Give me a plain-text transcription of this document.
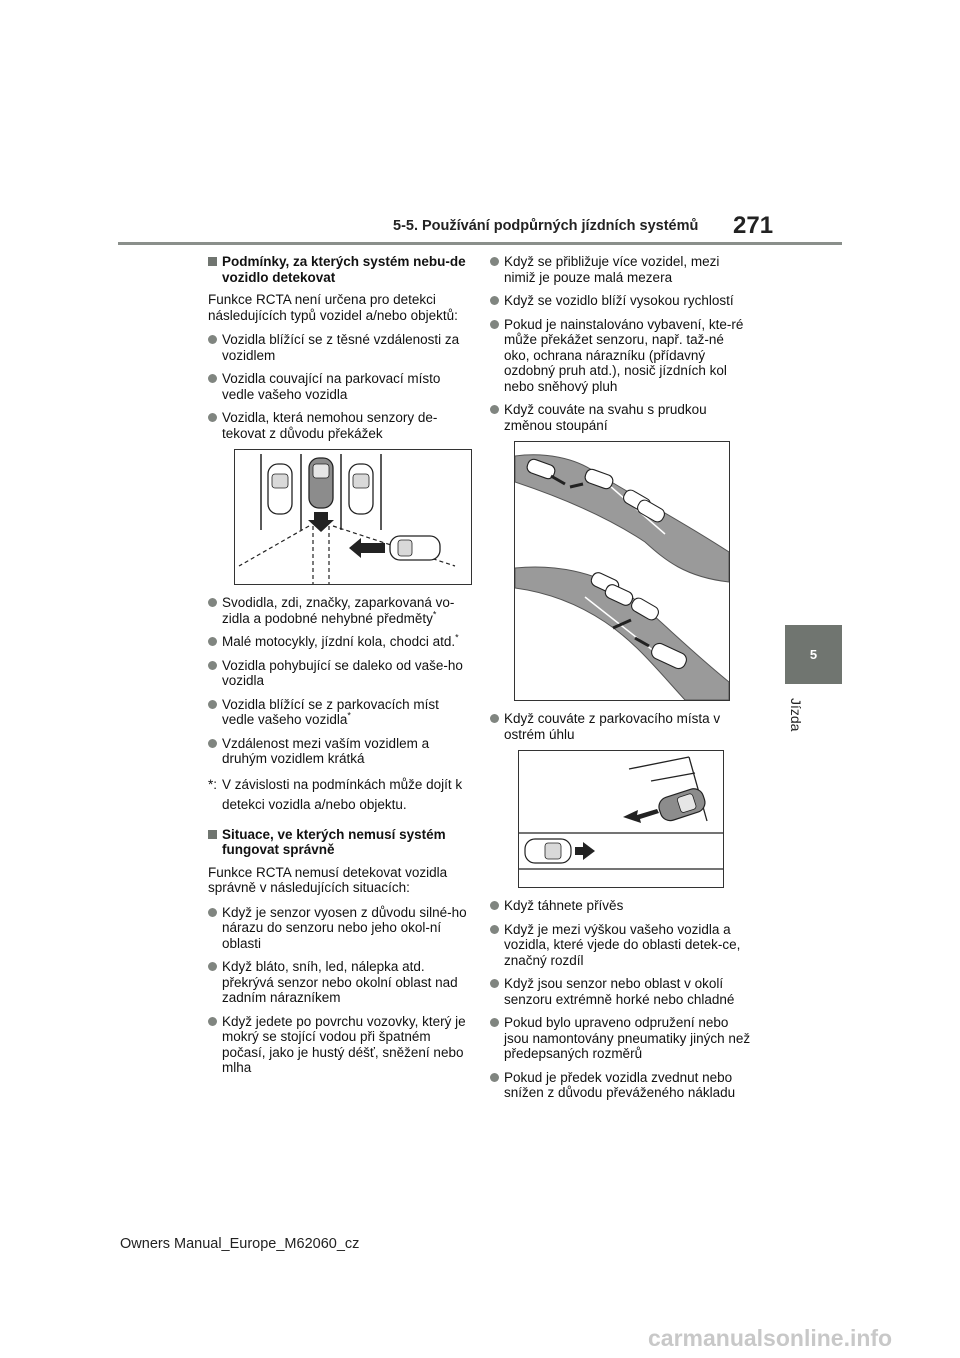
5-5. Používání podpůrných jízdních systémů 271
5
Jízda
Podmínky, za kterých systém nebu-de vozidlo detekovat
Funkce RCTA není určena pro detekci následujících typů vozidel a/nebo objektů:
Vozidla blížící se z těsné vzdálenosti za vozidlem
Vozidla couvající na parkovací místo vedle vašeho vozidla
Vozidla, která nemohou senzory de-tekovat z důvodu překážek
Svodidla, zdi, značky, zaparkovaná vo-zidla a podobné nehybné předměty*
Malé motocykly, jízdní kola, chodci atd.*
Vozidla pohybující se daleko od vaše-ho vozidla
Vozidla blížící se z parkovacích míst vedle vašeho vozidla*
Vzdálenost mezi vaším vozidlem a druhým vozidlem krátká
*: V závislosti na podmínkách může dojít k detekci vozidla a/nebo objektu.
Situace, ve kterých nemusí systém fungovat správně
Funkce RCTA nemusí detekovat vozidla správně v následujících situacích:
Když je senzor vyosen z důvodu silné-ho nárazu do senzoru nebo jeho okol-ní oblasti
Když bláto, sníh, led, nálepka atd. překrývá senzor nebo okolní oblast nad zadním nárazníkem
Když jedete po povrchu vozovky, který je mokrý se stojící vodou při špatném počasí, jako je hustý déšť, sněžení nebo mlha
Když se přibližuje více vozidel, mezi nimiž je pouze malá mezera
Když se vozidlo blíží vysokou rychlostí
Pokud je nainstalováno vybavení, kte-ré může překážet senzoru, např. taž-né oko, ochrana nárazníku (přídavný ozdobný pruh atd.), nosič jízdních kol nebo sněhový pluh
Když couváte na svahu s prudkou změnou stoupání
Když couváte z parkovacího místa v ostrém úhlu
Když táhnete přívěs
Když je mezi výškou vašeho vozidla a vozidla, které vjede do oblasti detek-ce, značný rozdíl
Když jsou senzor nebo oblast v okolí senzoru extrémně horké nebo chladné
Pokud bylo upraveno odpružení nebo jsou namontovány pneumatiky jiných než předepsaných rozměrů
Pokud je předek vozidla zvednut nebo snížen z důvodu převáženého nákladu
Owners Manual_Europe_M62060_cz
carmanualsonline.info
